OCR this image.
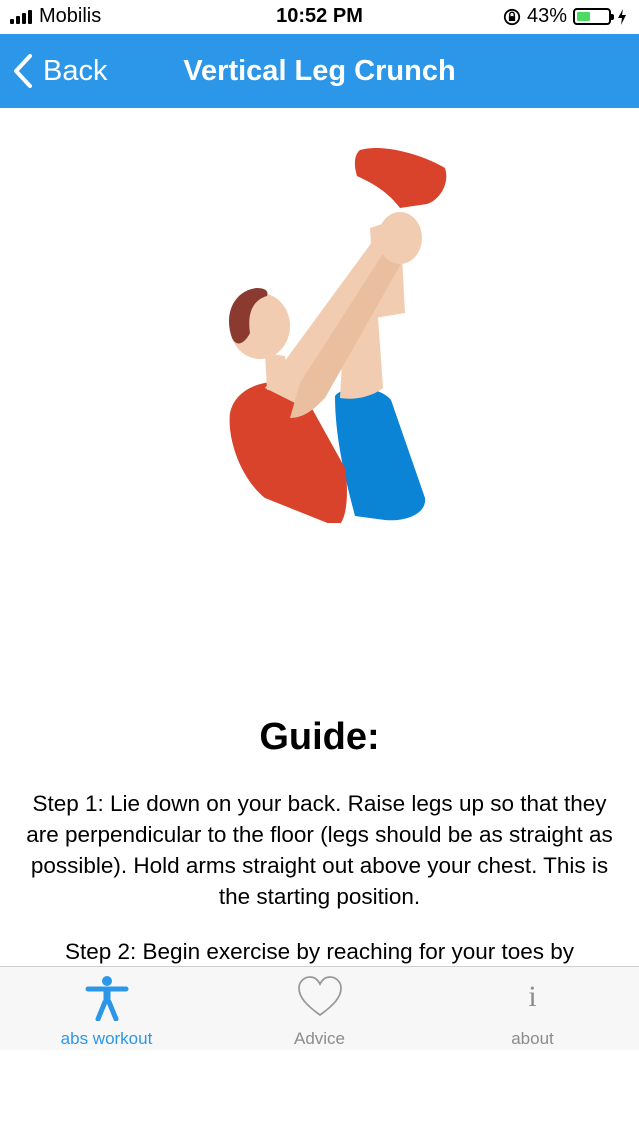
Mobilis	10:52 PM	43%
Vertical Leg Crunch
Back
Guide:

Step 1: Lie down on your back. Raise legs up so that they are perpendicular to the floor (legs should be as straight as possible). Hold arms straight out above your chest. This is the starting position.

Step 2: Begin exercise by reaching for your toes by

abs workout	Advice
i
about
